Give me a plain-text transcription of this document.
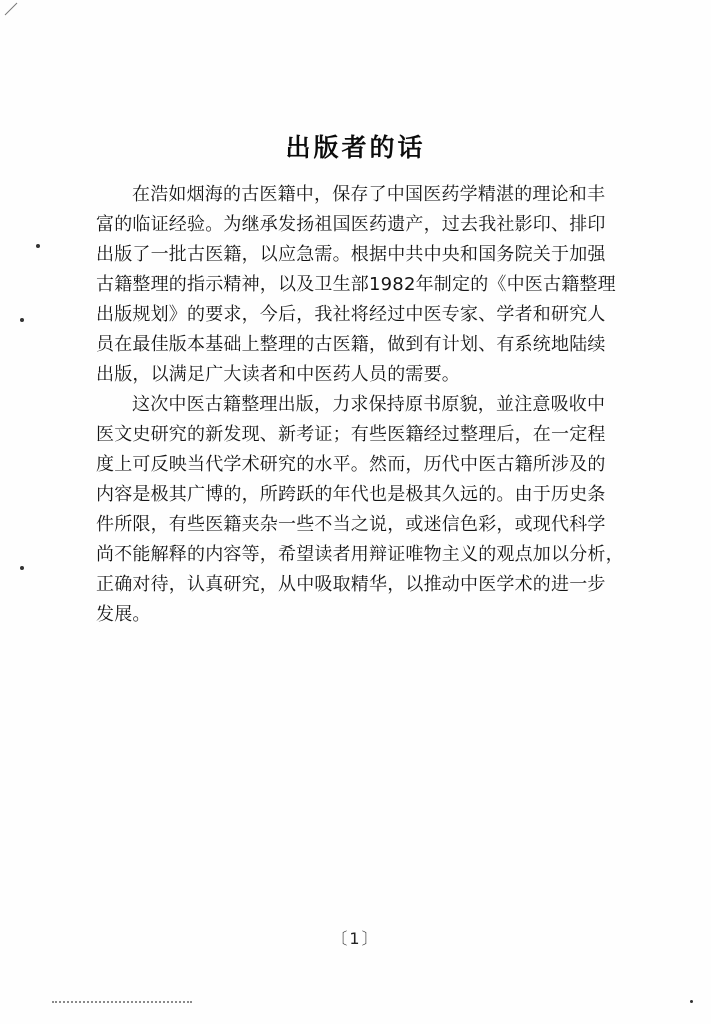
出版者的话
在浩如烟海的古医籍中，保存了中国医药学精湛的理论和丰
富的临证经验。为继承发扬祖国医药遗产，过去我社影印、排印
出版了一批古医籍，以应急需。根据中共中央和国务院关于加强
古籍整理的指示精神，以及卫生部1982年制定的《中医古籍整理
出版规划》的要求，今后，我社将经过中医专家、学者和研究人
员在最佳版本基础上整理的古医籍，做到有计划、有系统地陆续
出版，以满足广大读者和中医药人员的需要。
这次中医古籍整理出版，力求保持原书原貌，並注意吸收中
医文史研究的新发现、新考证；有些医籍经过整理后，在一定程
度上可反映当代学术研究的水平。然而，历代中医古籍所涉及的
内容是极其广博的，所跨跃的年代也是极其久远的。由于历史条
件所限，有些医籍夹杂一些不当之说，或迷信色彩，或现代科学
尚不能解释的内容等，希望读者用辩证唯物主义的观点加以分析，
正确对待，认真研究，从中吸取精华，以推动中医学术的进一步
发展。
〔1〕
